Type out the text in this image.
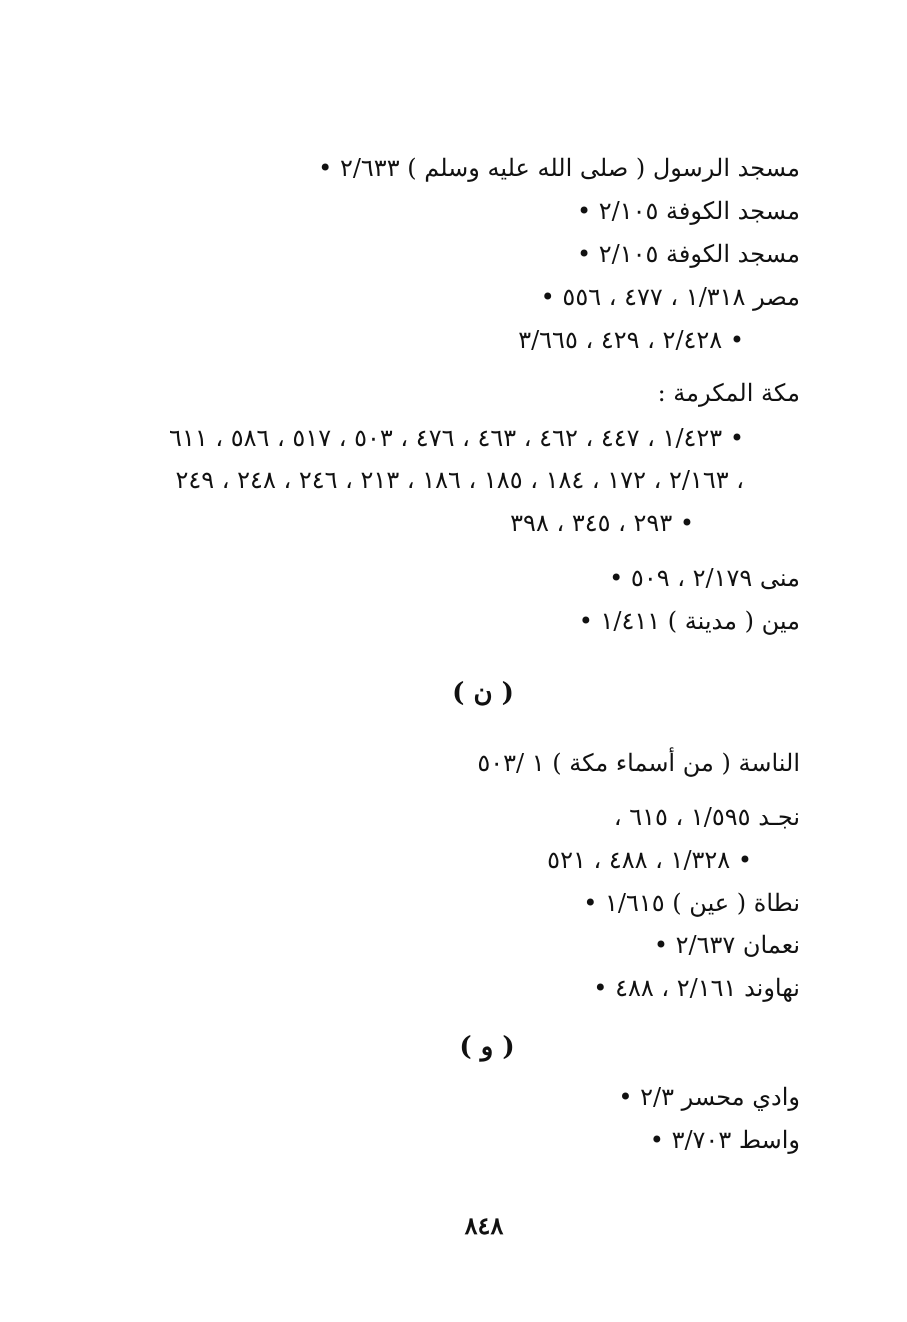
مسجد الرسول ( صلى الله عليه وسلم ) ٢/٦٣٣ •
مسجد الكوفة ٢/١٠٥ •
مسجد الكوفة ٢/١٠٥ •
مصر ١/٣١٨ ، ٤٧٧ ، ٥٥٦ •
٢/٤٢٨ ، ٤٢٩ ، ٣/٦٦٥ •
مكة المكرمة :
١/٤٢٣ ، ٤٤٧ ، ٤٦٢ ، ٤٦٣ ، ٤٧٦ ، ٥٠٣ ، ٥١٧ ، ٥٨٦ ، ٦١١ •
٢/١٦٣ ، ١٧٢ ، ١٨٤ ، ١٨٥ ، ١٨٦ ، ٢١٣ ، ٢٤٦ ، ٢٤٨ ، ٢٤٩ ،
٢٩٣ ، ٣٤٥ ، ٣٩٨ •
منى ٢/١٧٩ ، ٥٠٩ •
مين ( مدينة ) ١/٤١١ •
( ن )
الناسة ( من أسماء مكة ) ١ /٥٠٣
نجـد ١/٥٩٥ ، ٦١٥ ،
١/٣٢٨ ، ٤٨٨ ، ٥٢١ •
نطاة ( عين ) ١/٦١٥ •
نعمان ٢/٦٣٧ •
نهاوند ٢/١٦١ ، ٤٨٨ •
( و )
وادي محسر ٢/٣ •
واسط ٣/٧٠٣ •
٨٤٨
